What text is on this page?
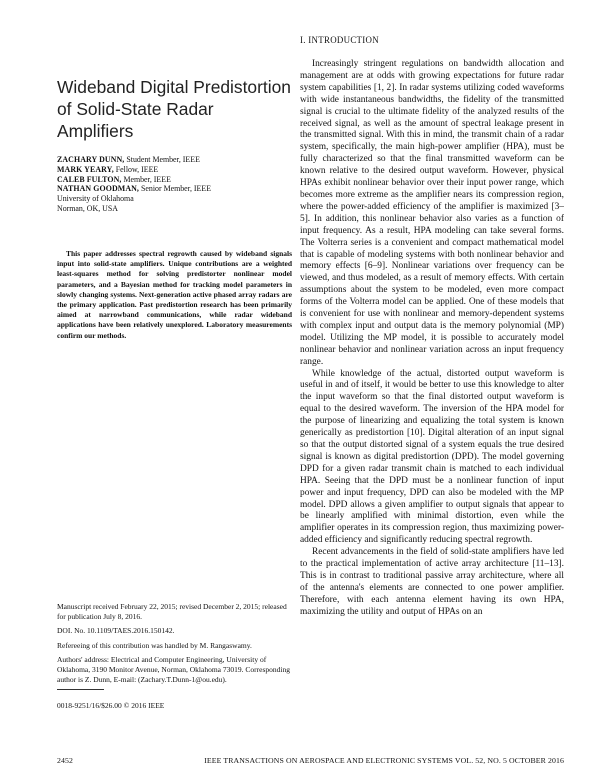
Wideband Digital Predistortion of Solid-State Radar Amplifiers
ZACHARY DUNN, Student Member, IEEE
MARK YEARY, Fellow, IEEE
CALEB FULTON, Member, IEEE
NATHAN GOODMAN, Senior Member, IEEE
University of Oklahoma
Norman, OK, USA

This paper addresses spectral regrowth caused by wideband signals input into solid-state amplifiers. Unique contributions are a weighted least-squares method for solving predistorter nonlinear model parameters, and a Bayesian method for tracking model parameters in slowly changing systems. Next-generation active phased array radars are the primary application. Past predistortion research has been primarily aimed at narrowband communications, while radar wideband applications have been relatively unexplored. Laboratory measurements confirm our methods.

Manuscript received February 22, 2015; revised December 2, 2015; released for publication July 8, 2016.

DOI. No. 10.1109/TAES.2016.150142.

Refereeing of this contribution was handled by M. Rangaswamy.

Authors' address: Electrical and Computer Engineering, University of Oklahoma, 3190 Monitor Avenue, Norman, Oklahoma 73019. Corresponding author is Z. Dunn, E-mail: (Zachary.T.Dunn-1@ou.edu).

0018-9251/16/$26.00 © 2016 IEEE
I. INTRODUCTION

Increasingly stringent regulations on bandwidth allocation and management are at odds with growing expectations for future radar system capabilities [1, 2]. In radar systems utilizing coded waveforms with wide instantaneous bandwidths, the fidelity of the transmitted signal is crucial to the ultimate fidelity of the analyzed results of the received signal, as well as the amount of spectral leakage present in the transmitted signal. With this in mind, the transmit chain of a radar system, specifically, the main high-power amplifier (HPA), must be fully characterized so that the final transmitted waveform can be known relative to the desired output waveform. However, physical HPAs exhibit nonlinear behavior over their input power range, which becomes more extreme as the amplifier nears its compression region, where the power-added efficiency of the amplifier is maximized [3–5]. In addition, this nonlinear behavior also varies as a function of input frequency. As a result, HPA modeling can take several forms. The Volterra series is a convenient and compact mathematical model that is capable of modeling systems with both nonlinear behavior and memory effects [6–9]. Nonlinear variations over frequency can be viewed, and thus modeled, as a result of memory effects. With certain assumptions about the system to be modeled, even more compact forms of the Volterra model can be applied. One of these models that is convenient for use with nonlinear and memory-dependent systems with complex input and output data is the memory polynomial (MP) model. Utilizing the MP model, it is possible to accurately model nonlinear behavior and nonlinear variation across an input frequency range.

While knowledge of the actual, distorted output waveform is useful in and of itself, it would be better to use this knowledge to alter the input waveform so that the final distorted output waveform is equal to the desired waveform. The inversion of the HPA model for the purpose of linearizing and equalizing the total system is known generically as predistortion [10]. Digital alteration of an input signal so that the output distorted signal of a system equals the true desired signal is known as digital predistortion (DPD). The model governing DPD for a given radar transmit chain is matched to each individual HPA. Seeing that the DPD must be a nonlinear function of input power and input frequency, DPD can also be modeled with the MP model. DPD allows a given amplifier to output signals that appear to be linearly amplified with minimal distortion, even while the amplifier operates in its compression region, thus maximizing power-added efficiency and significantly reducing spectral regrowth.

Recent advancements in the field of solid-state amplifiers have led to the practical implementation of active array architecture [11–13]. This is in contrast to traditional passive array architecture, where all of the antenna's elements are connected to one power amplifier. Therefore, with each antenna element having its own HPA, maximizing the utility and output of HPAs on an

2452	IEEE TRANSACTIONS ON AEROSPACE AND ELECTRONIC SYSTEMS VOL. 52, NO. 5 OCTOBER 2016
